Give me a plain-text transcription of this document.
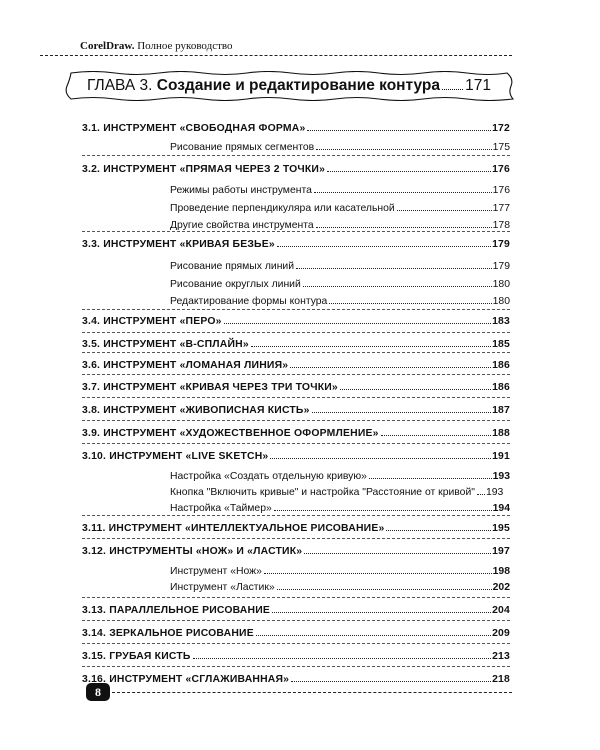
CorelDraw. Полное руководство
ГЛАВА 3. Создание и редактирование контура 171
8
3.1. ИНСТРУМЕНТ «СВОБОДНАЯ ФОРМА»	172
Рисование прямых сегментов	175
3.2. ИНСТРУМЕНТ «ПРЯМАЯ ЧЕРЕЗ 2 ТОЧКИ»	176
Режимы работы инструмента	176
Проведение перпендикуляра или касательной	177
Другие свойства инструмента	178
3.3. ИНСТРУМЕНТ «КРИВАЯ БЕЗЬЕ»	179
Рисование прямых линий	179
Рисование округлых линий	180
Редактирование формы контура	180
3.4. ИНСТРУМЕНТ «ПЕРО»	183
3.5. ИНСТРУМЕНТ «B-СПЛАЙН»	185
3.6. ИНСТРУМЕНТ «ЛОМАНАЯ ЛИНИЯ»	186
3.7. ИНСТРУМЕНТ «КРИВАЯ ЧЕРЕЗ ТРИ ТОЧКИ»	186
3.8. ИНСТРУМЕНТ «ЖИВОПИСНАЯ КИСТЬ»	187
3.9. ИНСТРУМЕНТ «ХУДОЖЕСТВЕННОЕ ОФОРМЛЕНИЕ»	188
3.10. ИНСТРУМЕНТ «LIVE SKETCH»	191
Настройка «Создать отдельную кривую»	193
Кнопка "Включить кривые" и настройка "Расстояние от кривой" 193
Настройка «Таймер»	194
3.11. ИНСТРУМЕНТ «ИНТЕЛЛЕКТУАЛЬНОЕ РИСОВАНИЕ»	195
3.12. ИНСТРУМЕНТЫ «НОЖ» И «ЛАСТИК»	197
Инструмент «Нож»	198
Инструмент «Ластик»	202
3.13. ПАРАЛЛЕЛЬНОЕ РИСОВАНИЕ	204
3.14. ЗЕРКАЛЬНОЕ РИСОВАНИЕ	209
3.15. ГРУБАЯ КИСТЬ	213
3.16. ИНСТРУМЕНТ «СГЛАЖИВАННАЯ»	218
